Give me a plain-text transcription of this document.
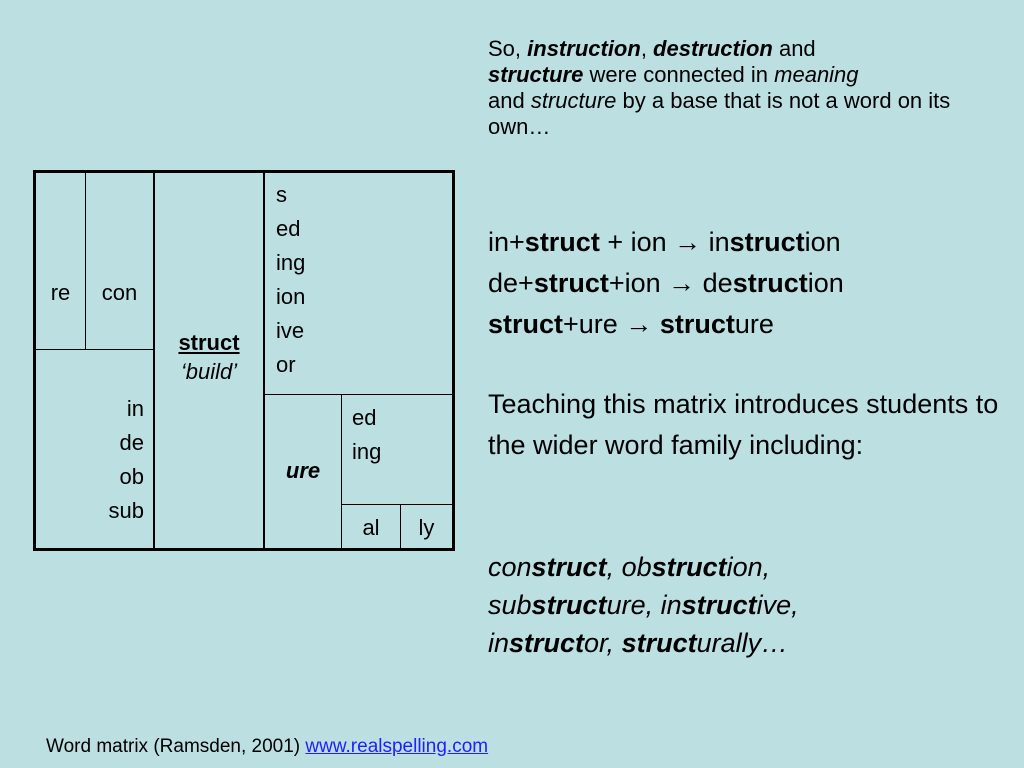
re	con
in
de
ob
sub
struct
‘build’
s
ed
ing
ion
ive
or
ure
ed
ing
al	ly
So, instruction, destruction and
structure were connected in meaning
and structure by a base that is not a word on its own…
in+struct + ion → instruction
de+struct+ion → destruction
struct+ure → structure
Teaching this matrix introduces students to the wider word family including:
construct, obstruction,
substructure, instructive,
instructor, structurally…
Word matrix (Ramsden, 2001) www.realspelling.com
